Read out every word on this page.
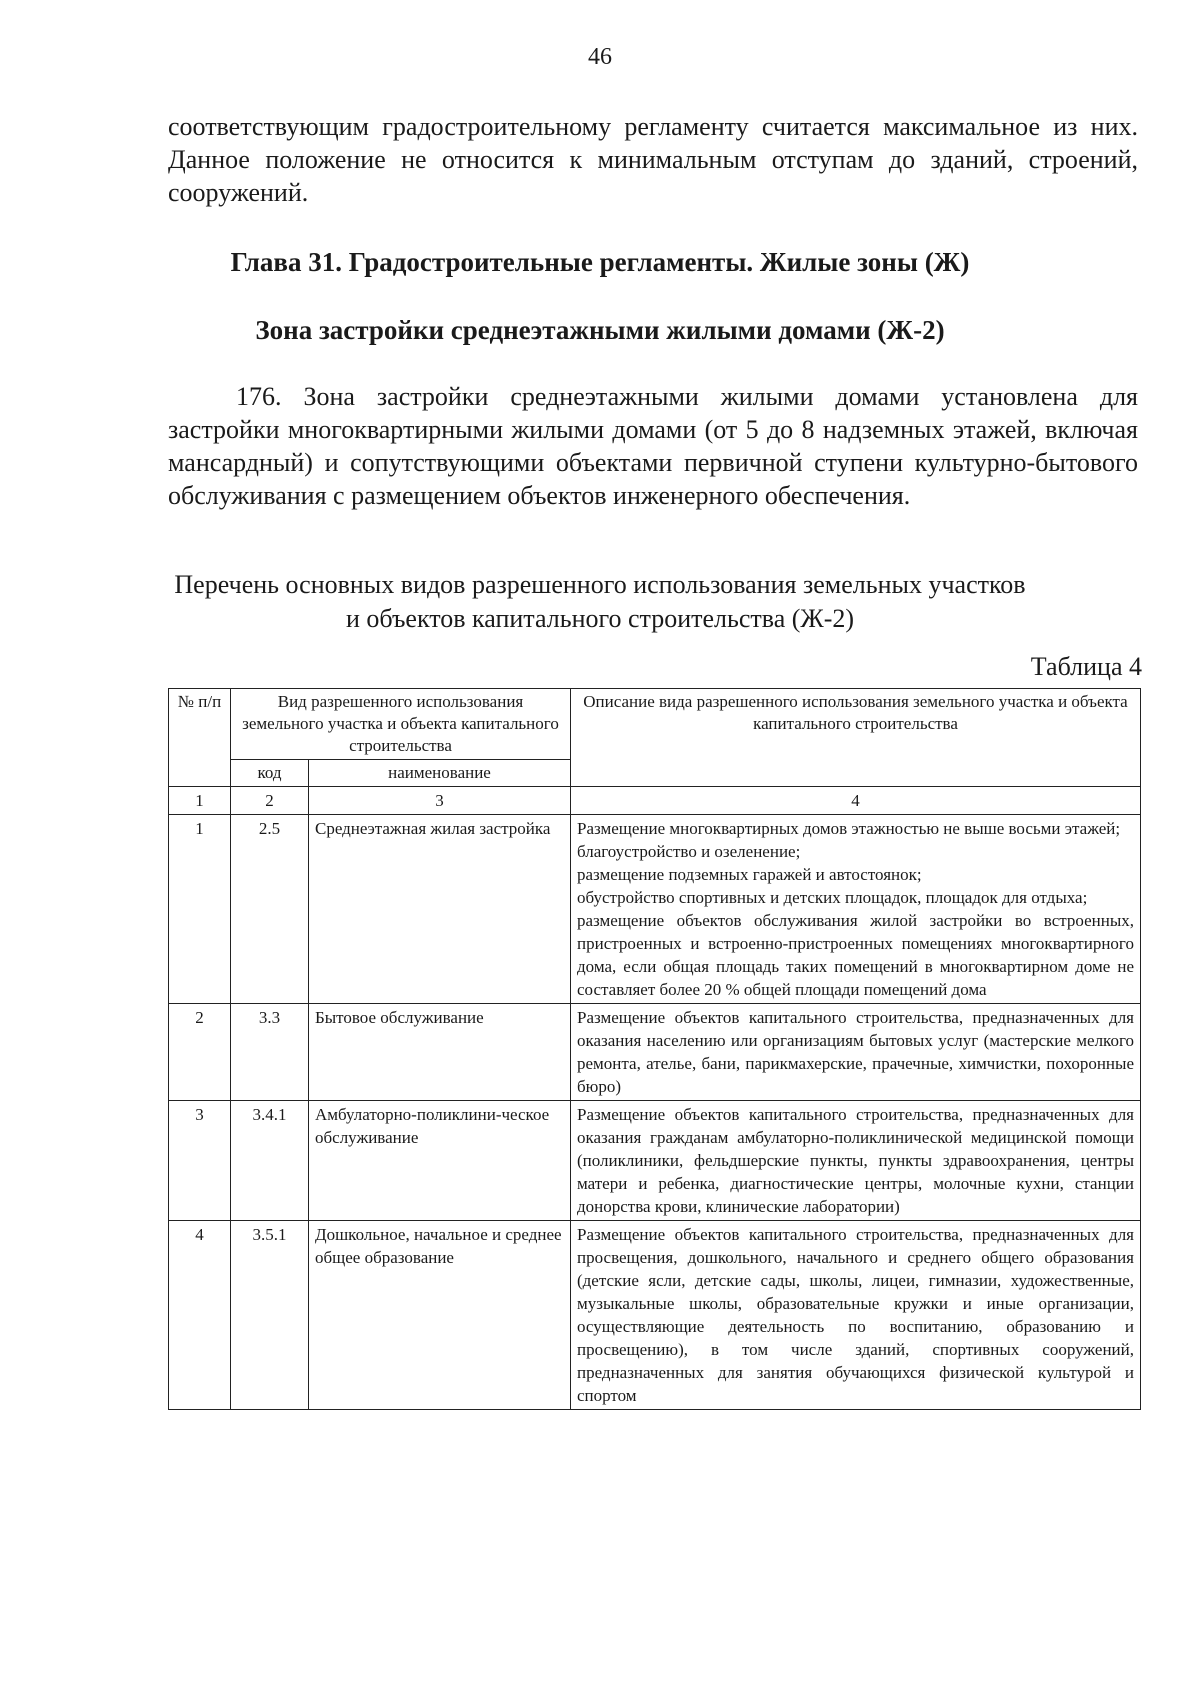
46
соответствующим градостроительному регламенту считается максимальное из них. Данное положение не относится к минимальным отступам до зданий, строений, сооружений.
Глава 31. Градостроительные регламенты. Жилые зоны (Ж)
Зона застройки среднеэтажными жилыми домами (Ж-2)
176. Зона застройки среднеэтажными жилыми домами установлена для застройки многоквартирными жилыми домами (от 5 до 8 надземных этажей, включая мансардный) и сопутствующими объектами первичной ступени культурно-бытового обслуживания с размещением объектов инженерного обеспечения.
Перечень основных видов разрешенного использования земельных участков
и объектов капитального строительства (Ж-2)
Таблица 4
№ п/п	Вид разрешенного использования земельного участка и объекта капитального строительства		Описание вида разрешенного использования земельного участка и объекта капитального строительства
	код	наименование	
1	2	3	4
1	2.5	Среднеэтажная жилая застройка	Размещение многоквартирных домов этажностью не выше восьми этажей;
благоустройство и озеленение;
размещение подземных гаражей и автостоянок;
обустройство спортивных и детских площадок, площадок для отдыха;
размещение объектов обслуживания жилой застройки во встроенных, пристроенных и встроенно-пристроенных помещениях многоквартирного дома, если общая площадь таких помещений в многоквартирном доме не составляет более 20 % общей площади помещений дома
2	3.3	Бытовое обслуживание	Размещение объектов капитального строительства, предназначенных для оказания населению или организациям бытовых услуг (мастерские мелкого ремонта, ателье, бани, парикмахерские, прачечные, химчистки, похоронные бюро)
3	3.4.1	Амбулаторно-поликлини-ческое обслуживание	Размещение объектов капитального строительства, предназначенных для оказания гражданам амбулаторно-поликлинической медицинской помощи (поликлиники, фельдшерские пункты, пункты здравоохранения, центры матери и ребенка, диагностические центры, молочные кухни, станции донорства крови, клинические лаборатории)
4	3.5.1	Дошкольное, начальное и среднее общее образование	Размещение объектов капитального строительства, предназначенных для просвещения, дошкольного, начального и среднего общего образования (детские ясли, детские сады, школы, лицеи, гимназии, художественные, музыкальные школы, образовательные кружки и иные организации, осуществляющие деятельность по воспитанию, образованию и просвещению), в том числе зданий, спортивных сооружений, предназначенных для занятия обучающихся физической культурой и спортом
